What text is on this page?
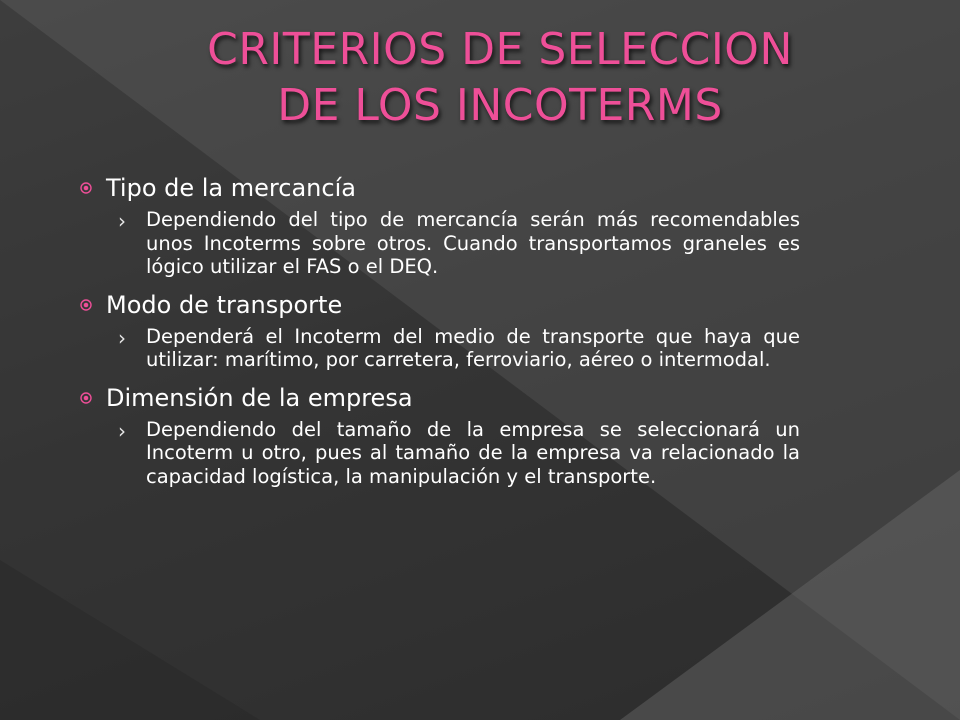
CRITERIOS DE SELECCION
DE LOS INCOTERMS
Tipo de la mercancía
› Dependiendo del tipo de mercancía serán más recomendables unos Incoterms sobre otros. Cuando transportamos graneles es lógico utilizar el FAS o el DEQ.
Modo de transporte
› Dependerá el Incoterm del medio de transporte que haya que utilizar: marítimo, por carretera, ferroviario, aéreo o intermodal.
Dimensión de la empresa
› Dependiendo del tamaño de la empresa se seleccionará un Incoterm u otro, pues al tamaño de la empresa va relacionado la capacidad logística, la manipulación y el transporte.
